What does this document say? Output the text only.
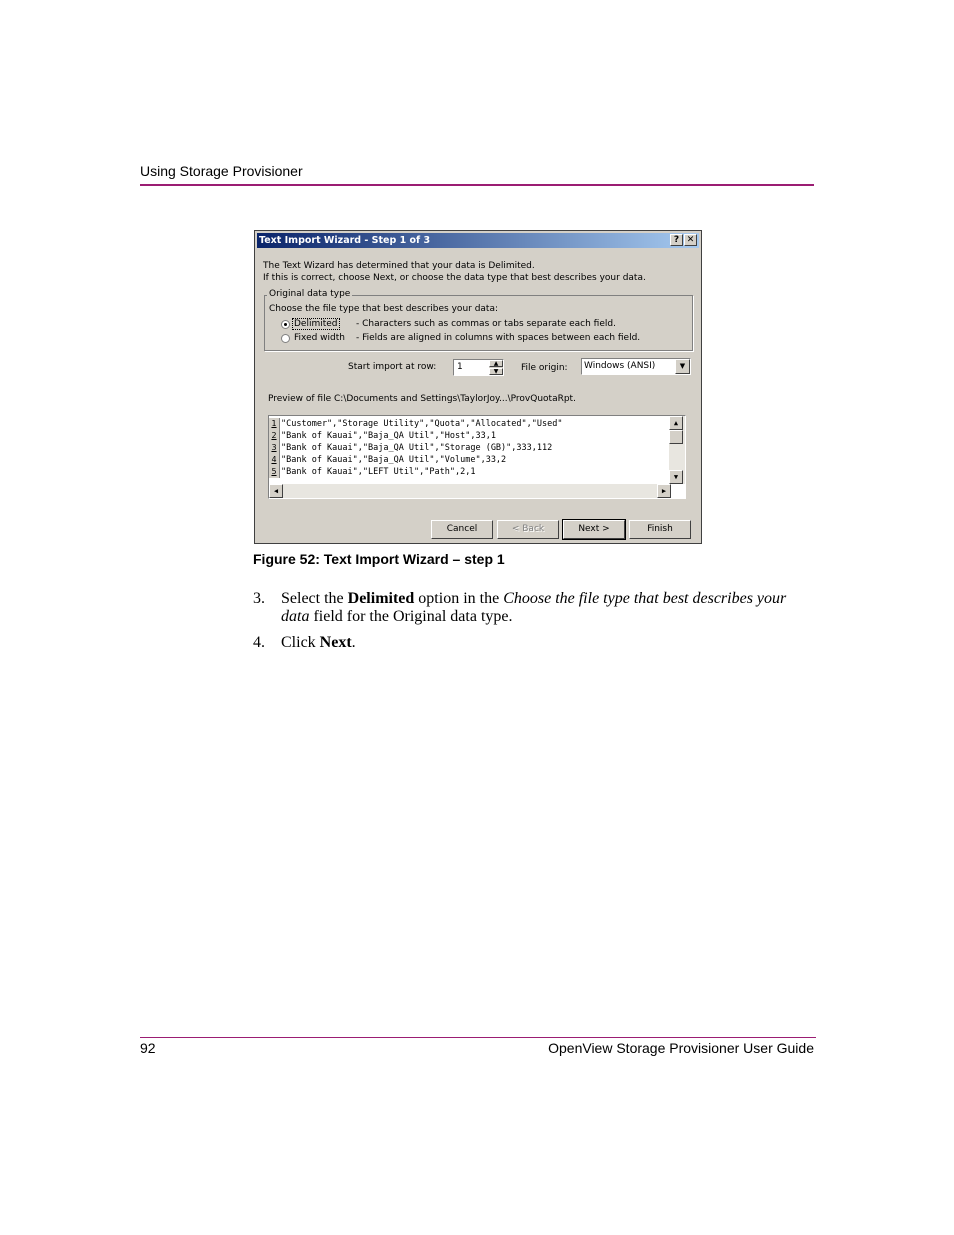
Using Storage Provisioner
Text Import Wizard - Step 1 of 3	? ✕
The Text Wizard has determined that your data is Delimited.
If this is correct, choose Next, or choose the data type that best describes your data.
Original data type
Choose the file type that best describes your data:
Delimited - Characters such as commas or tabs separate each field.
Fixed width - Fields are aligned in columns with spaces between each field.
Start import at row: 1	▲
▼	File origin: Windows (ANSI)	▼
Preview of file C:\Documents and Settings\TaylorJoy...\ProvQuotaRpt.
1 "Customer","Storage Utility","Quota","Allocated","Used"
2 "Bank of Kauai","Baja_QA Util","Host",33,1
3 "Bank of Kauai","Baja_QA Util","Storage (GB)",333,112
4 "Bank of Kauai","Baja_QA Util","Volume",33,2
5 "Bank of Kauai","LEFT Util","Path",2,1
▲
▼
◀	▶
Cancel	< Back	Next >	Finish
Figure 52: Text Import Wizard – step 1
3. Select the Delimited option in the Choose the file type that best describes your data field for the Original data type.
4. Click Next.
92	OpenView Storage Provisioner User Guide
